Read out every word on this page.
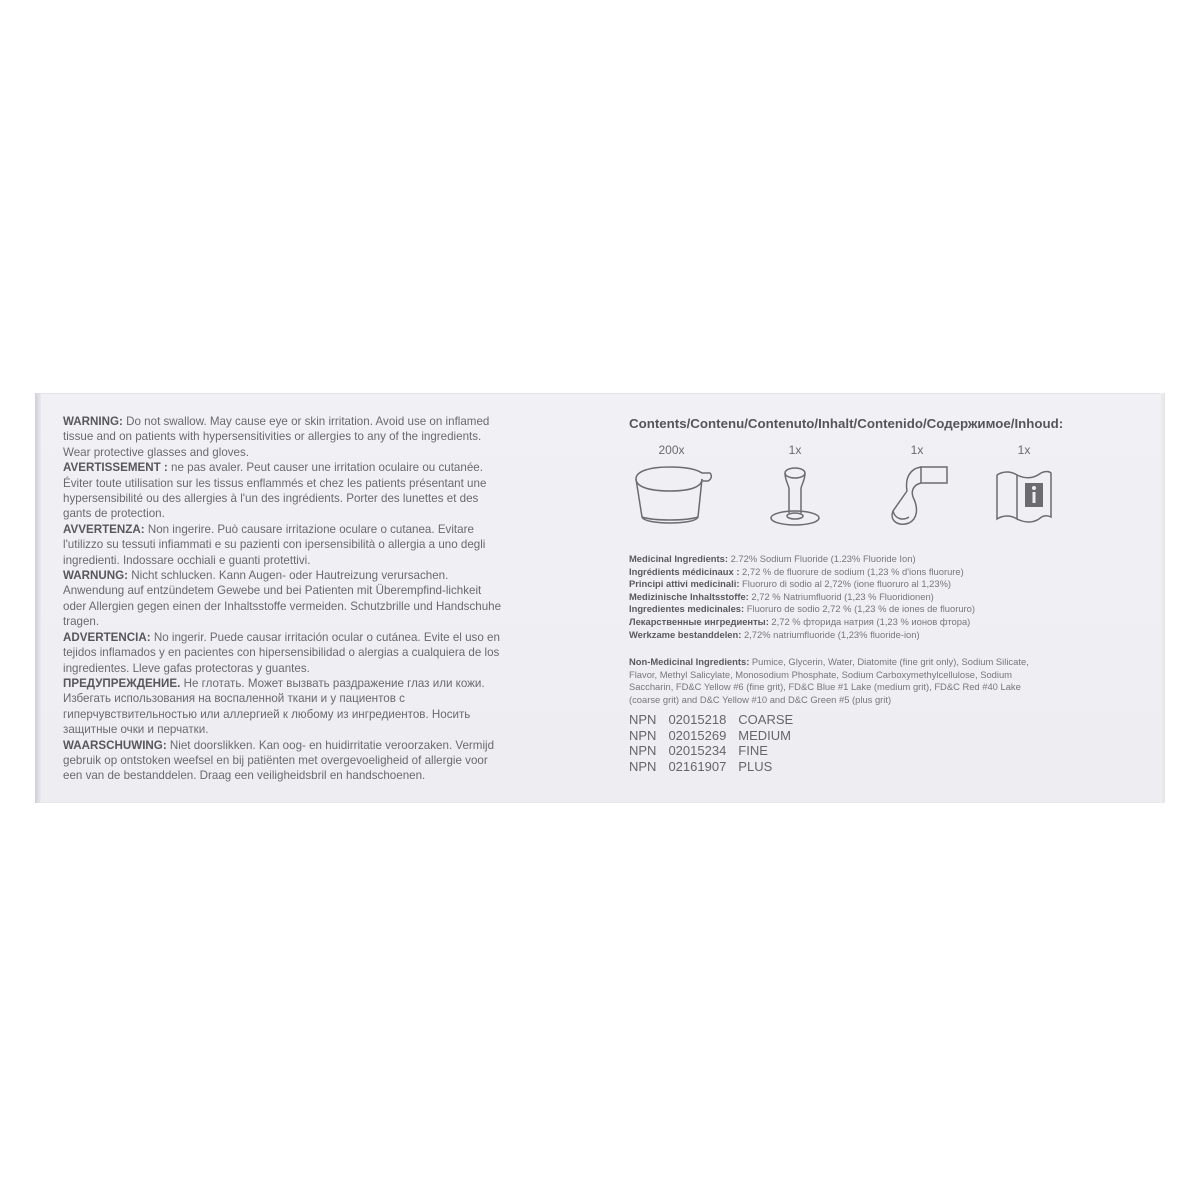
WARNING: Do not swallow. May cause eye or skin irritation. Avoid use on inflamed tissue and on patients with hypersensitivities or allergies to any of the ingredients. Wear protective glasses and gloves.

AVERTISSEMENT : ne pas avaler. Peut causer une irritation oculaire ou cutanée. Éviter toute utilisation sur les tissus enflammés et chez les patients présentant une hypersensibilité ou des allergies à l'un des ingrédients. Porter des lunettes et des gants de protection.

AVVERTENZA: Non ingerire. Può causare irritazione oculare o cutanea. Evitare l'utilizzo su tessuti infiammati e su pazienti con ipersensibilità o allergia a uno degli ingredienti. Indossare occhiali e guanti protettivi.

WARNUNG: Nicht schlucken. Kann Augen- oder Hautreizung verursachen. Anwendung auf entzündetem Gewebe und bei Patienten mit Überempfind-lichkeit oder Allergien gegen einen der Inhaltsstoffe vermeiden. Schutzbrille und Handschuhe tragen.

ADVERTENCIA: No ingerir. Puede causar irritación ocular o cutánea. Evite el uso en tejidos inflamados y en pacientes con hipersensibilidad o alergias a cualquiera de los ingredientes. Lleve gafas protectoras y guantes.

ПРЕДУПРЕЖДЕНИЕ. Не глотать. Может вызвать раздражение глаз или кожи. Избегать использования на воспаленной ткани и у пациентов с гиперчувствительностью или аллергией к любому из ингредиентов. Носить защитные очки и перчатки.

WAARSCHUWING: Niet doorslikken. Kan oog- en huidirritatie veroorzaken. Vermijd gebruik op ontstoken weefsel en bij patiënten met overgevoeligheid of allergie voor een van de bestanddelen. Draag een veiligheidsbril en handschoenen.

Contents/Contenu/Contenuto/Inhalt/Contenido/Содержимое/Inhoud:
200x	1x	1x	1x

Medicinal Ingredients: 2.72% Sodium Fluoride (1.23% Fluoride Ion)

Ingrédients médicinaux : 2,72 % de fluorure de sodium (1,23 % d'ions fluorure)

Principi attivi medicinali: Fluoruro di sodio al 2,72% (ione fluoruro al 1,23%)

Medizinische Inhaltsstoffe: 2,72 % Natriumfluorid (1,23 % Fluoridionen)

Ingredientes medicinales: Fluoruro de sodio 2,72 % (1,23 % de iones de fluoruro)

Лекарственные ингредиенты: 2,72 % фторида натрия (1,23 % ионов фтора)

Werkzame bestanddelen: 2,72% natriumfluoride (1,23% fluoride-ion)

Non-Medicinal Ingredients: Pumice, Glycerin, Water, Diatomite (fine grit only), Sodium Silicate, Flavor, Methyl Salicylate, Monosodium Phosphate, Sodium Carboxymethylcellulose, Sodium Saccharin, FD&C Yellow #6 (fine grit), FD&C Blue #1 Lake (medium grit), FD&C Red #40 Lake (coarse grit) and D&C Yellow #10 and D&C Green #5 (plus grit)
NPN	02015218	COARSE
NPN	02015269	MEDIUM
NPN	02015234	FINE
NPN	02161907	PLUS
